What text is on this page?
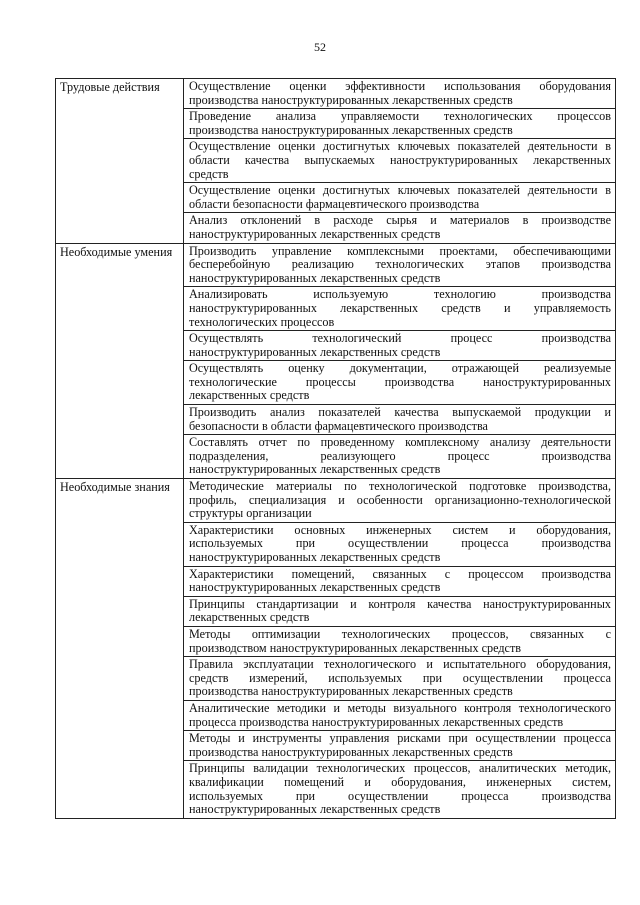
52
Трудовые действия	Осуществление оценки эффективности использования оборудования
производства наноструктурированных лекарственных средств

	Проведение анализа управляемости технологических процессов
производства наноструктурированных лекарственных средств

	Осуществление оценки достигнутых ключевых показателей деятельности в
области качества выпускаемых наноструктурированных лекарственных
средств

	Осуществление оценки достигнутых ключевых показателей деятельности в
области безопасности фармацевтического производства

	Анализ отклонений в расходе сырья и материалов в производстве
наноструктурированных лекарственных средств

Необходимые умения	Производить управление комплексными проектами, обеспечивающими
бесперебойную реализацию технологических этапов производства
наноструктурированных лекарственных средств

	Анализировать используемую технологию производства
наноструктурированных лекарственных средств и управляемость
технологических процессов

	Осуществлять технологический процесс производства
наноструктурированных лекарственных средств

	Осуществлять оценку документации, отражающей реализуемые
технологические процессы производства наноструктурированных
лекарственных средств

	Производить анализ показателей качества выпускаемой продукции и
безопасности в области фармацевтического производства

	Составлять отчет по проведенному комплексному анализу деятельности
подразделения, реализующего процесс производства
наноструктурированных лекарственных средств

Необходимые знания	Методические материалы по технологической подготовке производства,
профиль, специализация и особенности организационно-технологической
структуры организации

	Характеристики основных инженерных систем и оборудования,
используемых при осуществлении процесса производства
наноструктурированных лекарственных средств

	Характеристики помещений, связанных с процессом производства
наноструктурированных лекарственных средств

	Принципы стандартизации и контроля качества наноструктурированных
лекарственных средств

	Методы оптимизации технологических процессов, связанных с
производством наноструктурированных лекарственных средств

	Правила эксплуатации технологического и испытательного оборудования,
средств измерений, используемых при осуществлении процесса
производства наноструктурированных лекарственных средств

	Аналитические методики и методы визуального контроля технологического
процесса производства наноструктурированных лекарственных средств

	Методы и инструменты управления рисками при осуществлении процесса
производства наноструктурированных лекарственных средств

	Принципы валидации технологических процессов, аналитических методик,
квалификации помещений и оборудования, инженерных систем,
используемых при осуществлении процесса производства
наноструктурированных лекарственных средств
